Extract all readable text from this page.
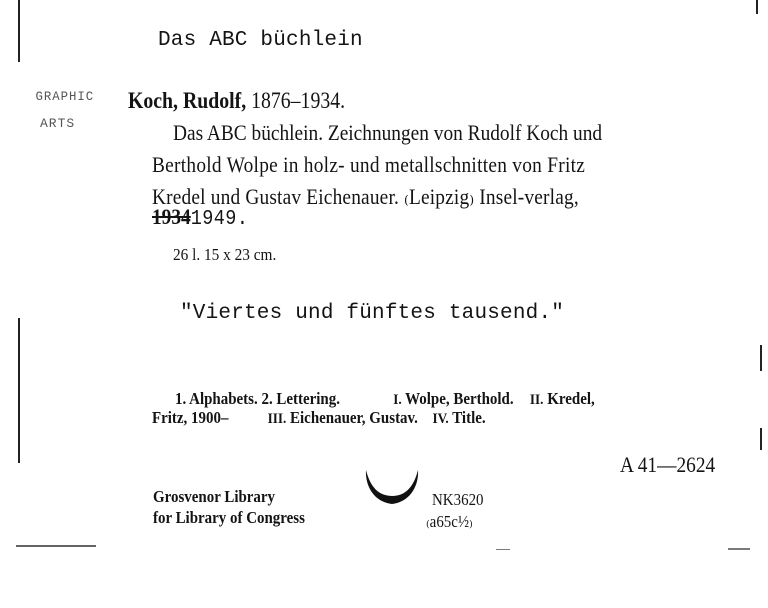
Das ABC büchlein
GRAPHIC
ARTS
Koch, Rudolf, 1876–1934.
Das ABC büchlein. Zeichnungen von Rudolf Koch und
Berthold Wolpe in holz- und metallschnitten von Fritz
Kredel und Gustav Eichenauer. ₍Leipzig₎ Insel-verlag,
19341949.
26 l. 15 x 23 cm.
"Viertes und fünftes tausend."
1. Alphabets. 2. Lettering.	I. Wolpe, Berthold. II. Kredel,
Fritz, 1900–	III. Eichenauer, Gustav. IV. Title.
A 41—2624
Grosvenor Library
for Library of Congress
NK3620
₍a65c½₎
